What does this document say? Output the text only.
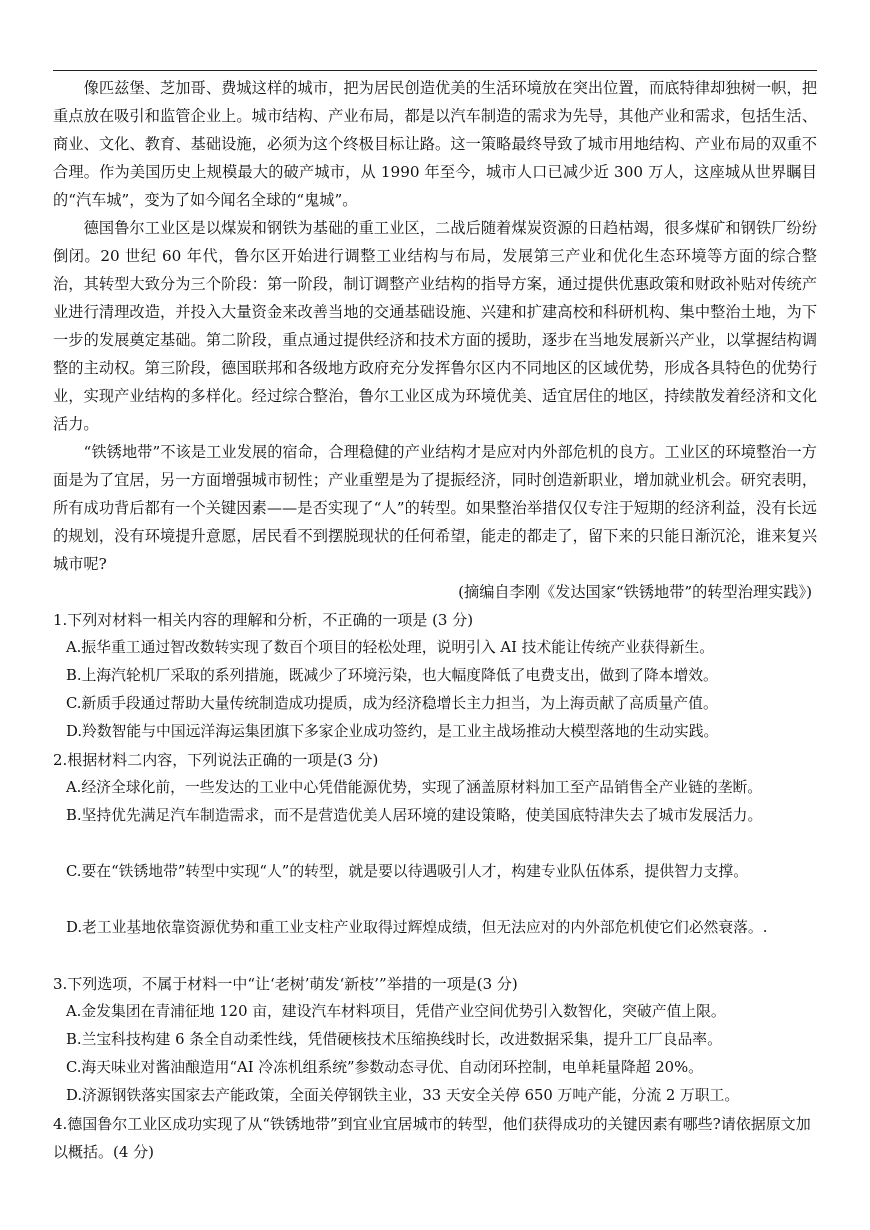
　　像匹兹堡、芝加哥、费城这样的城市，把为居民创造优美的生活环境放在突出位置，而底特律却独树一帜，把重点放在吸引和监管企业上。城市结构、产业布局，都是以汽车制造的需求为先导，其他产业和需求，包括生活、商业、文化、教育、基础设施，必须为这个终极目标让路。这一策略最终导致了城市用地结构、产业布局的双重不合理。作为美国历史上规模最大的破产城市，从 1990 年至今，城市人口已减少近 300 万人，这座城从世界瞩目的“汽车城”，变为了如今闻名全球的“鬼城”。
　　德国鲁尔工业区是以煤炭和钢铁为基础的重工业区，二战后随着煤炭资源的日趋枯竭，很多煤矿和钢铁厂纷纷倒闭。20 世纪 60 年代，鲁尔区开始进行调整工业结构与布局，发展第三产业和优化生态环境等方面的综合整治，其转型大致分为三个阶段：第一阶段，制订调整产业结构的指导方案，通过提供优惠政策和财政补贴对传统产业进行清理改造，并投入大量资金来改善当地的交通基础设施、兴建和扩建高校和科研机构、集中整治土地，为下一步的发展奠定基础。第二阶段，重点通过提供经济和技术方面的援助，逐步在当地发展新兴产业，以掌握结构调整的主动权。第三阶段，德国联邦和各级地方政府充分发挥鲁尔区内不同地区的区域优势，形成各具特色的优势行业，实现产业结构的多样化。经过综合整治，鲁尔工业区成为环境优美、适宜居住的地区，持续散发着经济和文化活力。
　　“铁锈地带”不该是工业发展的宿命，合理稳健的产业结构才是应对内外部危机的良方。工业区的环境整治一方面是为了宜居，另一方面增强城市韧性；产业重塑是为了提振经济，同时创造新职业，增加就业机会。研究表明，所有成功背后都有一个关键因素——是否实现了“人”的转型。如果整治举措仅仅专注于短期的经济利益，没有长远的规划，没有环境提升意愿，居民看不到摆脱现状的任何希望，能走的都走了，留下来的只能日渐沉沦，谁来复兴城市呢?
(摘编自李刚《发达国家“铁锈地带”的转型治理实践》)
1.下列对材料一相关内容的理解和分析，不正确的一项是 (3 分)
A.振华重工通过智改数转实现了数百个项目的轻松处理，说明引入 AI 技术能让传统产业获得新生。
B.上海汽轮机厂采取的系列措施，既减少了环境污染，也大幅度降低了电费支出，做到了降本增效。
C.新质手段通过帮助大量传统制造成功提质，成为经济稳增长主力担当，为上海贡献了高质量产值。
D.羚数智能与中国远洋海运集团旗下多家企业成功签约，是工业主战场推动大模型落地的生动实践。
2.根据材料二内容，下列说法正确的一项是(3 分)
A.经济全球化前，一些发达的工业中心凭借能源优势，实现了涵盖原材料加工至产品销售全产业链的垄断。
B.坚持优先满足汽车制造需求，而不是营造优美人居环境的建设策略，使美国底特津失去了城市发展活力。
C.要在“铁锈地带”转型中实现“人”的转型，就是要以待遇吸引人才，构建专业队伍体系，提供智力支撑。
D.老工业基地依靠资源优势和重工业支柱产业取得过辉煌成绩，但无法应对的内外部危机使它们必然衰落。.
3.下列选项，不属于材料一中“让‘老树’萌发‘新枝’”举措的一项是(3 分)
A.金发集团在青浦征地 120 亩，建设汽车材料项目，凭借产业空间优势引入数智化，突破产值上限。
B.兰宝科技构建 6 条全自动柔性线，凭借硬核技术压缩换线时长，改进数据采集，提升工厂良品率。
C.海天味业对酱油酿造用“AI 冷冻机组系统”参数动态寻优、自动闭环控制，电单耗量降超 20%。
D.济源钢铁落实国家去产能政策，全面关停钢铁主业，33 天安全关停 650 万吨产能，分流 2 万职工。
4.德国鲁尔工业区成功实现了从“铁锈地带”到宜业宜居城市的转型，他们获得成功的关键因素有哪些?请依据原文加以概括。(4 分)
